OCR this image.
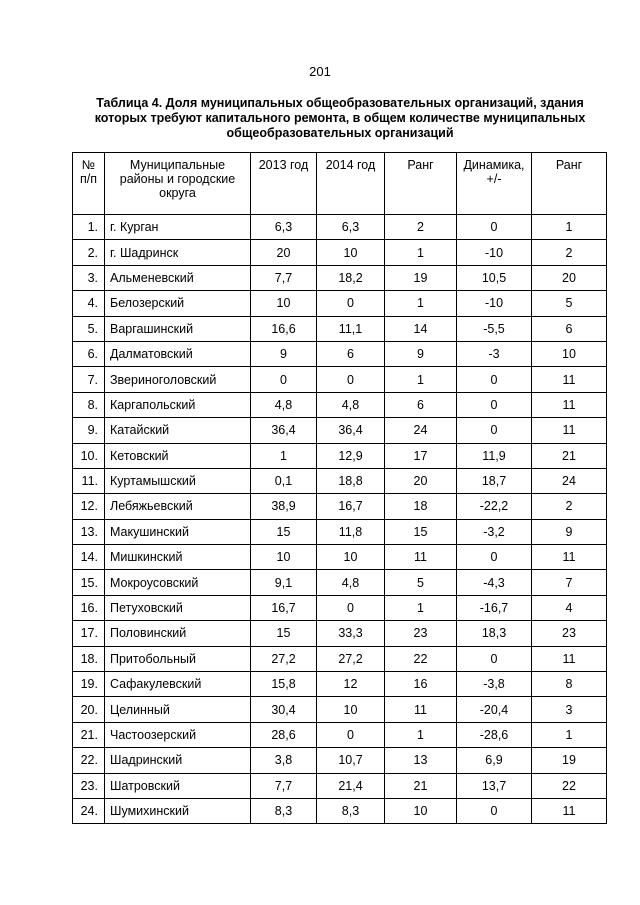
201
Таблица 4. Доля муниципальных общеобразовательных организаций, здания которых требуют капитального ремонта, в общем количестве муниципальных общеобразовательных организаций
№ п/п	Муниципальные районы и городские округа	2013 год	2014 год	Ранг	Динамика, +/-	Ранг
1.	г. Курган	6,3	6,3	2	0	1
2.	г. Шадринск	20	10	1	-10	2
3.	Альменевский	7,7	18,2	19	10,5	20
4.	Белозерский	10	0	1	-10	5
5.	Варгашинский	16,6	11,1	14	-5,5	6
6.	Далматовский	9	6	9	-3	10
7.	Звериноголовский	0	0	1	0	11
8.	Каргапольский	4,8	4,8	6	0	11
9.	Катайский	36,4	36,4	24	0	11
10.	Кетовский	1	12,9	17	11,9	21
11.	Куртамышский	0,1	18,8	20	18,7	24
12.	Лебяжьевский	38,9	16,7	18	-22,2	2
13.	Макушинский	15	11,8	15	-3,2	9
14.	Мишкинский	10	10	11	0	11
15.	Мокроусовский	9,1	4,8	5	-4,3	7
16.	Петуховский	16,7	0	1	-16,7	4
17.	Половинский	15	33,3	23	18,3	23
18.	Притобольный	27,2	27,2	22	0	11
19.	Сафакулевский	15,8	12	16	-3,8	8
20.	Целинный	30,4	10	11	-20,4	3
21.	Частоозерский	28,6	0	1	-28,6	1
22.	Шадринский	3,8	10,7	13	6,9	19
23.	Шатровский	7,7	21,4	21	13,7	22
24.	Шумихинский	8,3	8,3	10	0	11
